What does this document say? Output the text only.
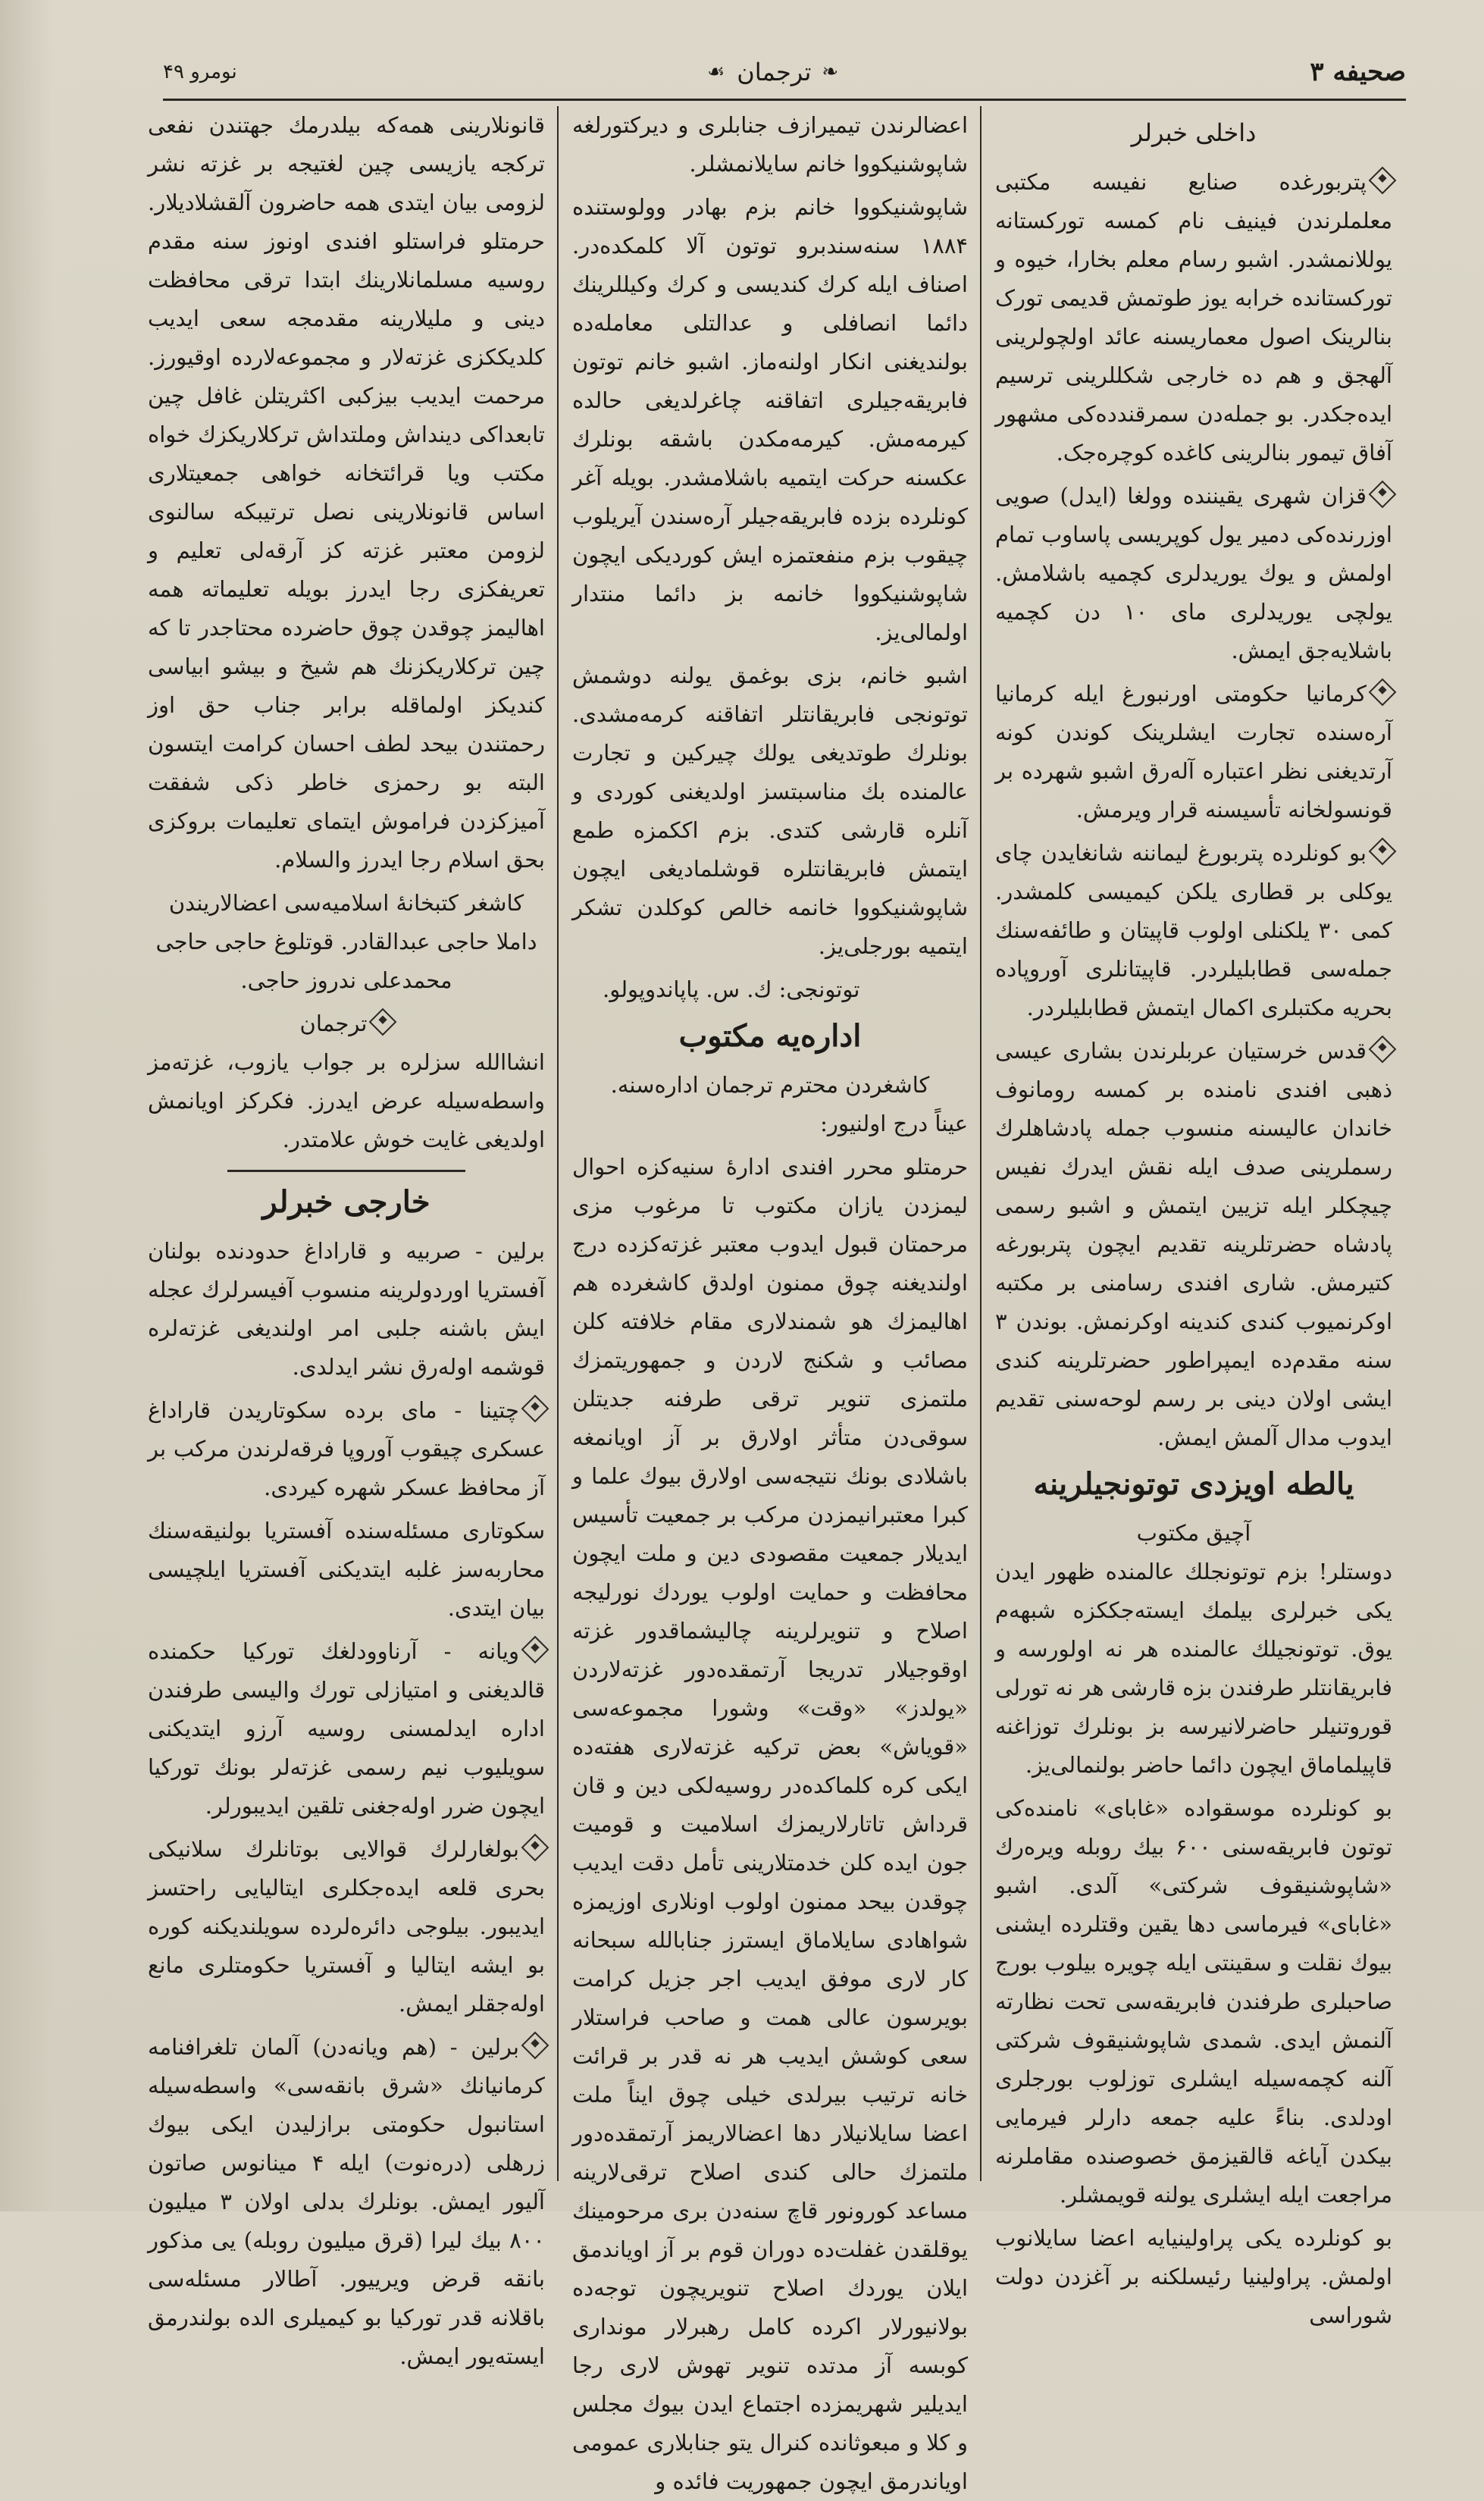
صحيفه ٣
❧
ترجمان
☙
نومرو ۴۹
داخلی خبرلر

پتربورغده صنایع نفیسه مکتبی معلملرندن فینیف نام کمسه تورکستانه یوللانمشدر. اشبو رسام معلم بخارا، خیوه و تورکستانده خرابه یوز طوتمش قدیمی تورک بنالرینک اصول معماریسنه عائد اولچولرینی آلهجق و هم ده خارجی شکللرینی ترسیم ایده‌جکدر. بو جمله‌دن سمرقندده‌کی مشهور آفاق تیمور بنالرینی کاغده کوچره‌جک.

قزان شهری یقیننده وولغا (ایدل) صویی اوزرنده‌کی دمیر یول کوپریسی پاساوب تمام اولمش و یوك یوریدلری کچمیه باشلامش. یولچی یوریدلری مای ۱۰ دن کچمیه باشلایه‌جق ایمش.

کرمانیا حکومتی اورنبورغ ایله کرمانیا آره‌سنده تجارت ایشلرینک کوندن کونه آرتدیغنی نظر اعتباره آله‌رق اشبو شهرده بر قونسولخانه تأسیسنه قرار ویرمش.

بو کونلرده پتربورغ لیماننه شانغایدن چای یوکلی بر قطاری یلکن کیمیسی کلمشدر. کمی ۳۰ یلکنلی اولوب قاپیتان و طائفه‌سنك جمله‌سی قطابلیلردر. قاپیتانلری آوروپاده بحریه مکتبلری اکمال ایتمش قطابلیلردر.

قدس خرستیان عربلرندن بشاری عیسی ذهبی افندی نامنده بر کمسه رومانوف خاندان عالیسنه منسوب جمله پادشاهلرك رسملرینی صدف ایله نقش ایدرك نفیس چیچکلر ایله تزیین ایتمش و اشبو رسمی پادشاه حضرتلرینه تقدیم ایچون پتربورغه کتیرمش. شاری افندی رسامنی بر مکتبه اوکرنمیوب کندی کندینه اوکرنمش. بوندن ۳ سنه مقدم‌ده ایمپراطور حضرتلرینه کندی ایشی اولان دینی بر رسم لوحه‌سنی تقدیم ایدوب مدال آلمش ایمش.

یالطه اویزدی توتونجیلرینه
آچیق مکتوب

دوستلر! بزم توتونجلك عالمنده ظهور ایدن یکی خبرلری بیلمك ایسته‌جککزه شبهه‌م یوق. توتونجیلك عالمنده هر نه اولورسه و فابریقانتلر طرفندن بزه قارشی هر نه تورلی قوروتنیلر حاضرلانیرسه بز بونلرك توزاغنه قاپیلماماق ایچون دائما حاضر بولنمالی‌یز.

بو کونلرده موسقواده «غابای» نامنده‌کی توتون فابریقه‌سنی ۶۰۰ بیك روبله ویره‌رك «شاپوشنیقوف شرکتی» آلدی. اشبو «غابای» فیرماسی دها یقین وقتلرده ایشنی بیوك نقلت و سقینتی ایله چویره بیلوب بورج صاحبلری طرفندن فابریقه‌سی تحت نظارته آلنمش ایدی. شمدی شاپوشنیقوف شرکتی آلنه کچمه‌سیله ایشلری توزلوب بورجلری اودلدی. بناءً علیه جمعه دارلر فیرمایی بیکدن آیاغه قالقیزمق خصوصنده مقاملرنه مراجعت ایله ایشلری یولنه قویمشلر.

بو کونلرده یکی پراولینیایه اعضا سایلانوب اولمش. پراولینیا رئیسلکنه بر آغزدن دولت شوراسی

اعضالرندن تیمیرازف جنابلری و دیرکتورلغه شاپوشنیکووا خانم سایلانمشلر.

شاپوشنیکووا خانم بزم بهادر وولوستنده ۱۸۸۴ سنه‌سندبرو توتون آلا کلمکده‌در. اصناف ایله کرك کندیسی و کرك وکیللرینك دائما انصافلی و عدالتلی معامله‌ده بولندیغنی انکار اولنه‌ماز. اشبو خانم توتون فابریقه‌جیلری اتفاقنه چاغرلدیغی حالده کیرمه‌مش. کیرمه‌مکدن باشقه بونلرك عکسنه حرکت ایتمیه باشلامشدر. بویله آغر کونلرده بزده فابریقه‌جیلر آره‌سندن آیریلوب چیقوب بزم منفعتمزه ایش کوردیکی ایچون شاپوشنیکووا خانمه بز دائما منتدار اولمالی‌یز.

اشبو خانم، بزی بوغمق یولنه دوشمش توتونجی فابریقانتلر اتفاقنه کرمه‌مشدی. بونلرك طوتدیغی یولك چیرکین و تجارت عالمنده بك مناسبتسز اولدیغنی کوردی و آنلره قارشی کتدی. بزم اککمزه طمع ایتمش فابریقانتلره قوشلمادیغی ایچون شاپوشنیکووا خانمه خالص کوکلدن تشکر ایتمیه بورجلی‌یز.

توتونجی: ك. س. پاپاندوپولو.

اداره‌یه مکتوب
کاشغردن محترم ترجمان اداره‌سنه.

عیناً درج اولنیور:

حرمتلو محرر افندی ادارهٔ سنیه‌کزه احوال لیمزدن یازان مکتوب تا مرغوب مزی مرحمتان قبول ایدوب معتبر غزته‌کزده درج اولندیغنه چوق ممنون اولدق کاشغرده هم اهالیمزك هو شمندلاری مقام خلافته کلن مصائب و شکنج لاردن و جمهوریتمزك ملتمزی تنویر ترقی طرفنه جدیتلن سوقی‌دن متأثر اولارق بر آز اویانمغه باشلادی بونك نتیجه‌سی اولارق بیوك علما و کبرا معتبرانیمزدن مرکب بر جمعیت تأسیس ایدیلار جمعیت مقصودی دین و ملت ایچون محافظت و حمایت اولوب یوردك نورلیجه اصلاح و تنویرلرینه چالیشماقدور غزته اوقوجیلار تدریجا آرتمقده‌دور غزته‌لاردن «یولدز» «وقت» وشورا مجموعه‌سی «قویاش» بعض ترکیه غزته‌لاری هفته‌ده ایکی کره کلماکده‌در روسیه‌لکی دین و قان قرداش تاتارلاریمزك اسلامیت و قومیت جون ایده کلن خدمتلارینی تأمل دقت ایدیب چوقدن بیحد ممنون اولوب اونلاری اوزیمزه شواهادی سایلاماق ایسترز جنابالله سبحانه کار لاری موفق ایدیب اجر جزیل کرامت بویرسون عالی همت و صاحب فراستلار سعی کوشش ایدیب هر نه قدر بر قرائت خانه ترتیب بیرلدی خیلی چوق ایناً ملت اعضا سایلانیلار دها اعضالاریمز آرتمقده‌دور ملتمزك حالی کندی اصلاح ترقی‌لارینه مساعد کورونور قاچ سنه‌دن بری مرحومینك یوقلقدن غفلت‌ده دوران قوم بر آز اویاندمق ایلان یوردك اصلاح تنویریچون توجه‌ده بولانیورلار اکرده کامل رهبرلار مونداری کوبسه آز مدتده تنویر تهوش لاری رجا ایدیلیر شهریمزده اجتماع ایدن بیوك مجلس و کلا و مبعوثانده کنرال یتو جنابلاری عمومی اویاندرمق ایچون جمهوریت فائده و

قانونلارینی همه‌که بیلدرمك جهتندن نفعی ترکجه یازیسی چین لغتیجه بر غزته نشر لزومی بیان ایتدی همه حاضرون آلقشلادیلار. حرمتلو فراستلو افندی اونوز سنه مقدم روسیه مسلمانلارینك ابتدا ترقی محافظت دینی و ملیلارینه مقدمجه سعی ایدیب کلدیککزی غزته‌لار و مجموعه‌لارده اوقیورز. مرحمت ایدیب بیزکبی اکثریتلن غافل چین تابعداکی دینداش وملتداش ترکلاریکزك خواه مکتب ویا قرائتخانه خواهی جمعیتلاری اساس قانونلارینی نصل ترتیبکه سالنوی لزومن معتبر غزته کز آرقه‌لی تعلیم و تعریفکزی رجا ایدرز بویله تعلیماته همه اهالیمز چوقدن چوق حاضرده محتاجدر تا که چین ترکلاریکزنك هم شیخ و بیشو ابیاسی کندیکز اولماقله برابر جناب حق اوز رحمتندن بیحد لطف احسان کرامت ایتسون البته بو رحمزی خاطر ذکی شفقت آمیزکزدن فراموش ایتمای تعلیمات بروکزی بحق اسلام رجا ایدرز والسلام.

کاشغر کتبخانهٔ اسلامیه‌سی اعضالاریندن داملا حاجی عبدالقادر. قوتلوغ حاجی حاجی محمدعلی ندروز حاجی.

ترجمان

انشاالله سزلره بر جواب یازوب، غزته‌مز واسطه‌سیله عرض ایدرز. فکرکز اویانمش اولدیغی غایت خوش علامتدر.

خارجی خبرلر

برلین - صربیه و قاراداغ حدودنده بولنان آفستریا اوردولرینه منسوب آفیسرلرك عجله ایش باشنه جلبی امر اولندیغی غزته‌لره قوشمه اولەرق نشر ایدلدی.

چتینا - مای برده سکوتاریدن قاراداغ عسکری چیقوب آوروپا فرقەلرندن مرکب بر آز محافظ عسکر شهره کیردی.

سکوتاری مسئله‌سنده آفستریا بولنیقه‌سنك محاربه‌سز غلبه ایتدیکنی آفستریا ایلچیسی بیان ایتدی.

ویانه - آرناوودلغك تورکیا حکمنده قالدیغنی و امتیازلی تورك والیسی طرفندن اداره ایدلمسنی روسیه آرزو ایتدیکنی سویلیوب نیم رسمی غزته‌لر بونك تورکیا ایچون ضرر اوله‌جغنی تلقین ایدیبورلر.

بولغارلرك قوالایی بوتانلرك سلانیکی بحری قلعه ایده‌جکلری ایتالیایی راحتسز ایدیبور. بیلوجی دائره‌لرده سویلندیکنه کوره بو ایشه ایتالیا و آفستریا حکومتلری مانع اوله‌جقلر ایمش.

برلین - (هم ویانه‌دن) آلمان تلغرافنامه کرمانیانك «شرق بانقه‌سی» واسطه‌سیله استانبول حکومتی برازلیدن ایکی بیوك زرهلی (درەنوت) ایله ۴ مینانوس صاتون آلیور ایمش. بونلرك بدلی اولان ۳ میلیون ۸۰۰ بیك لیرا (قرق میلیون روبله) یی مذکور بانقه قرض ویرییور. آطالار مسئله‌سی باقلانه قدر تورکیا بو کیمیلری الده بولندرمق ایسته‌یور ایمش.
